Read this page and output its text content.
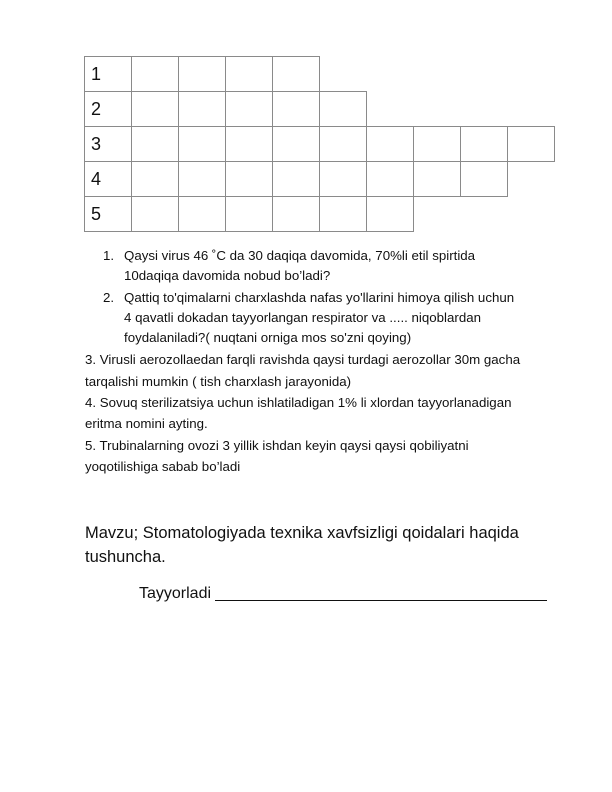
1
2
3
4
5
1. Qaysi virus 46 ˚C da 30 daqiqa davomida, 70%li etil spirtida
10daqiqa davomida nobud bo’ladi?
2. Qattiq to'qimalarni charxlashda nafas yo'llarini himoya qilish uchun
4 qavatli dokadan tayyorlangan respirator va ..... niqoblardan
foydalaniladi?( nuqtani orniga mos so'zni qoying)
3. Virusli aerozollaedan farqli ravishda qaysi turdagi aerozollar 30m gacha
tarqalishi mumkin ( tish charxlash jarayonida)
4. Sovuq sterilizatsiya uchun ishlatiladigan 1% li xlordan tayyorlanadigan
eritma nomini ayting.
5. Trubinalarning ovozi 3 yillik ishdan keyin qaysi qaysi qobiliyatni
yoqotilishiga sabab bo’ladi
Mavzu; Stomatologiyada texnika xavfsizligi qoidalari haqida
tushuncha.
Tayyorladi
